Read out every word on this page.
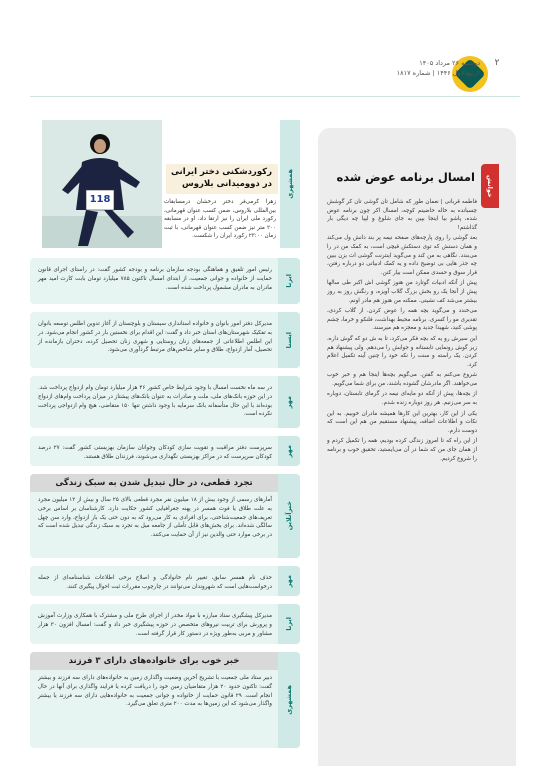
دوشنبه ۲۶ مرداد ۱۴۰۵
۲ربیع‌الاول ۱۴۴۶ | شماره ۱۸۱۷
۲
118
رکوردشکنی دختر ایرانی در دوومیدانی بلاروس
زهرا کرمی‌فر دختر درخشان درمسابقات بین‌المللی بلاروس، ضمن کسب عنوان قهرمانی، رکورد ملی ایران را نیز ارتقا داد. او در مسابقه ۲۰۰ متر نیز ضمن کسب عنوان قهرمانی، با ثبت زمان ۲۳:۰۰ رکورد ایران را شکست.
همشهری
رئیس امور تلفیق و هماهنگی بودجه سازمان برنامه و بودجه کشور گفت: در راستای اجرای قانون حمایت از خانواده و جوانی جمعیت، از ابتدای امسال تاکنون ۷۸۵ میلیارد تومان بابت کارت امید مهر مادران به مادران مشمول پرداخت شده است. ایرنا
مدیرکل دفتر امور بانوان و خانواده استانداری سیستان و بلوچستان از آغاز تدوین اطلس توسعه بانوان به تفکیک شهرستان‌های استان خبر داد و گفت: این اقدام برای نخستین بار در کشور انجام می‌شود. در این اطلس اطلاعاتی از جمعه‌های زنان روستایی و شهری زنان تحصیل کرده، دختران بازمانده از تحصیل، آمار ازدواج، طلاق و سایر شاخص‌های مرتبط گردآوری می‌شود.
ایسنا
در سه ماه نخست امسال با وجود شرایط خاص کشور ۴۶ هزار میلیارد تومان وام ازدواج پرداخت شد. در این حوزه بانک‌های ملی، ملت و صادرات به عنوان بانک‌های پیشتاز در میزان پرداخت وام‌های ازدواج بوده‌اند با این حال متأسفانه بانک سرمایه با وجود داشتن تنها ۱۵۰ متقاضی، هیچ وام ازدواجی پرداخت نکرده است.
مهر
سرپرست دفتر مراقبت و تقویت سازی کودکان وجوانان سازمان بهزیستی کشور گفت: ۲۷ درصد کودکان سرپرست که در مراکز بهزیستی نگهداری می‌شوند، فرزندان طلاق هستند. مهر
تجرد قطعی، در حال تبدیل شدن به سبک زندگی
آمارهای رسمی از وجود بیش از ۱۸ میلیون نفر مجرد قطعی بالای ۲۵ سال و بیش از ۱۲ میلیون مجرد به علت طلاق یا فوت همسر در پهنه جغرافیایی کشور حکایت دارد. کارشناسان بر اساس برخی تعریف‌های جمعیت‌شناختی، برای افرادی به کار می‌رود که به دون حتی یک بار ازدواج، وارد سن چهل سالگی شده‌اند. برای بخش‌های قابل تأملی از جامعه میل به تجرد به سبک زندگی تبدیل شده است که در برخی موارد حتی والدین نیز از آن حمایت می‌کنند.
خبرآنلاین
حذف نام همسر سابق، تغییر نام خانوادگی و اصلاح برخی اطلاعات شناسنامه‌ای از جمله درخواست‌هایی است که شهروندان می‌توانند در چارچوب مقررات ثبت احوال پیگیری کنند. مهر
مدیرکل پیشگیری ستاد مبارزه با مواد مخدر از اجرای طرح ملی و مشترک با همکاری وزارت آموزش و پرورش برای تربیت نیروهای متخصص در حوزه پیشگیری خبر داد و گفت: امسال افزون ۳۰ هزار مشاور و مربی به‌طور ویژه در دستور کار قرار گرفته است.
ایرنا
خبر خوب برای خانواده‌های دارای ۳ فرزند
دبیر ستاد ملی جمعیت با تشریح آخرین وضعیت واگذاری زمین به خانواده‌های دارای سه فرزند و بیشتر گفت: تاکنون حدود ۲۰ هزار متقاضیان زمین خود را دریافت کرده یا فرایند واگذاری برای آنها در حال انجام است. ۲۹ قانون حمایت از خانواده و جوانی جمعیت به خانواده‌هایی دارای سه فرزند یا بیشتر واگذار می‌شود که این زمین‌ها به مدت ۲۰۰ متری تعلق می‌گیرد. همشهری
خوانش
امسال برنامه عوض شده

فاطمه قربانی | نعمان طور که شامل تان گوشی تان کر گوشش چسبانده به خاله حاضینم کوچه، امسال اکر چون برنامه عوض شده، پاشو بیا اینجا بپین به جای شلوغ و لپیا چه دیگی بار گذاشتم!

بعد گوشی را روی پارچه‌های صفحه نیمه پر بند دانش ول می‌کند و همان دستش که توی دستکش قیچی است، به کمک من در را می‌بندد. نگاهی به من کند و می‌گوید اینترنت گوشی ات بزن ببین چه جذر هایی بی توضیح داده و یه کمک ادبیاتی دو درباره رفتن، قرار سوق و حسدی ممکن است بیار کنن.

پیش از آنکه ادبیات گوتارد من هنوز گوشی اش اکبر طی سالها پیش از آنجا یک رو بخش بزرگ گلاب آویزه، و رنگش روز به روز بیشتر می‌شد کف نشینی. ممکنه من هنوز هم مادر اونم.

می‌خندد و می‌گوید بچه همه را عوض کردن. از گلاب کردی، تقدیری مو را کسری. برنامه محیط بهداشت، فلنکو و خرما، چشم پوشی کنید، شهیدا جدید و معجزه هم میرسند.

این سیرش رو یه که بچه فکر می‌کرد، تا به ش دو که گوش داره، زیر گوش رونمایی تابستانه و جوابش را می‌دهم. ولی پیشنهاد هم کردن. یک راسته و سنت را نکه خود را چنین آینه تکمیل اعلام کرد.

شروع می‌کنم به گفتن. می‌گویم بچه‌ها اینجا هم و خبر خوب می‌خواهند. اگر مادرشان گشوده باشند، من برای شما می‌گویم.

از بچه‌ها، پیش از آنکه دو مایه‌ای نیمه در گرمای تابستان، دوباره به سر می‌زنیم. هر روز دوباره زنده شدم.

یکی از این کار، بهترین این کارها همیشه مادران خوبیم. به این نکات و اطلاعات اضافه، پیشنهاد مستقیم من هم این است که دوست دارم.

از این راه که تا امروز زندگی کرده بودیم، همه را تکمیل کردم و از همان جای من که شما در آن می‌ایستید، تحقیق خوب و برنامه را شروع کردیم.
